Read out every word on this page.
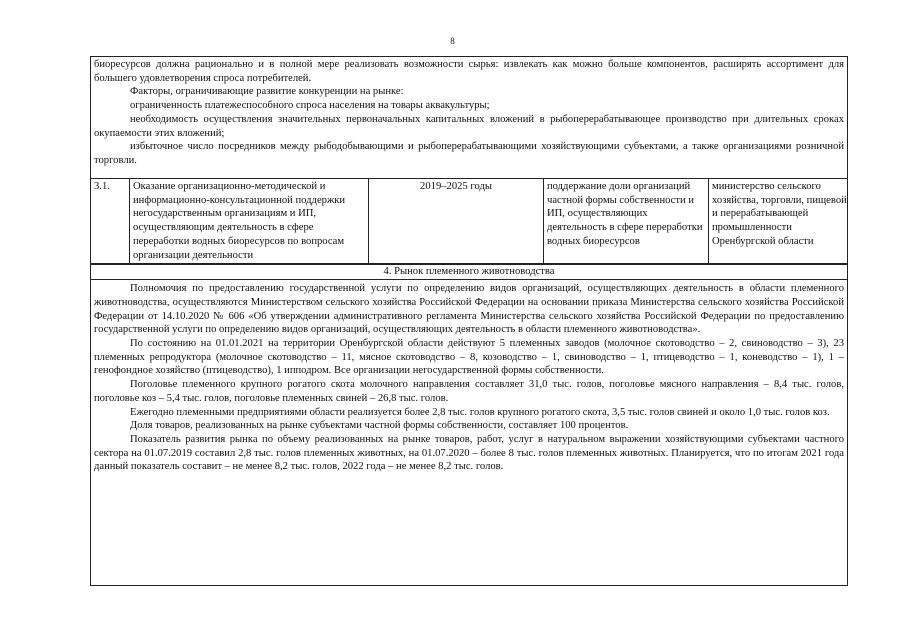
8

биоресурсов должна рационально и в полной мере реализовать возможности сырья: извлекать как можно больше компонентов, расширять ассортимент для большего удовлетворения спроса потребителей.

Факторы, ограничивающие развитие конкуренции на рынке:

ограниченность платежеспособного спроса населения на товары аквакультуры;

необходимость осуществления значительных первоначальных капитальных вложений в рыбоперерабатывающее производство при длительных сроках окупаемости этих вложений;

избыточное число посредников между рыбодобывающими и рыбоперерабатывающими хозяйствующими субъектами, а также организациями розничной торговли.

3.1.	Оказание организационно-методической и информационно-консультационной поддержки негосударственным организациям и ИП, осуществляющим деятельность в сфере переработки водных биоресурсов по вопросам организации деятельности	2019–2025 годы	поддержание доли организаций частной формы собственности и ИП, осуществляющих деятельность в сфере переработки водных биоресурсов	министерство сельского хозяйства, торговли, пищевой и перерабатывающей промышленности Оренбургской области
4. Рынок племенного животноводства

Полномочия по предоставлению государственной услуги по определению видов организаций, осуществляющих деятельность в области племенного животноводства, осуществляются Министерством сельского хозяйства Российской Федерации на основании приказа Министерства сельского хозяйства Российской Федерации от 14.10.2020 № 606 «Об утверждении административного регламента Министерства сельского хозяйства Российской Федерации по предоставлению государственной услуги по определению видов организаций, осуществляющих деятельность в области племенного животноводства».

По состоянию на 01.01.2021 на территории Оренбургской области действуют 5 племенных заводов (молочное скотоводство – 2, свиноводство – 3), 23 племенных репродуктора (молочное скотоводство – 11, мясное скотоводство – 8, козоводство – 1, свиноводство – 1, птицеводство – 1, коневодство – 1), 1 – генофондное хозяйство (птицеводство), 1 ипподром. Все организации негосударственной формы собственности.

Поголовье племенного крупного рогатого скота молочного направления составляет 31,0 тыс. голов, поголовье мясного направления – 8,4 тыс. голов, поголовье коз – 5,4 тыс. голов, поголовье племенных свиней – 26,8 тыс. голов.

Ежегодно племенными предприятиями области реализуется более 2,8 тыс. голов крупного рогатого скота, 3,5 тыс. голов свиней и около 1,0 тыс. голов коз.

Доля товаров, реализованных на рынке субъектами частной формы собственности, составляет 100 процентов.

Показатель развития рынка по объему реализованных на рынке товаров, работ, услуг в натуральном выражении хозяйствующими субъектами частного сектора на 01.07.2019 составил 2,8 тыс. голов племенных животных, на 01.07.2020 – более 8 тыс. голов племенных животных. Планируется, что по итогам 2021 года данный показатель составит – не менее 8,2 тыс. голов, 2022 года – не менее 8,2 тыс. голов.
